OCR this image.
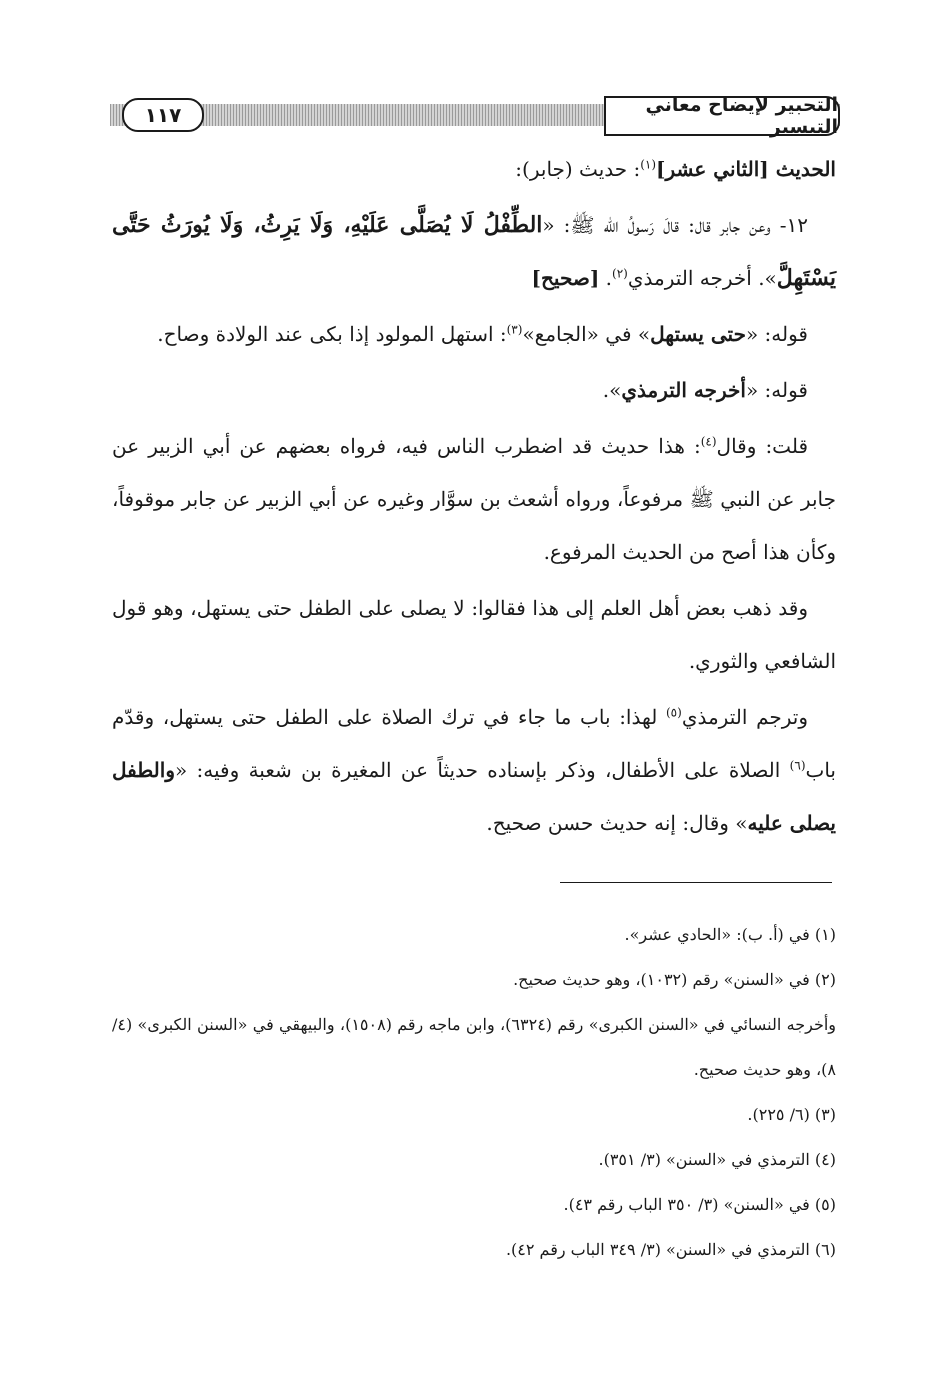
التحبير لإيضاح معاني التيسير
١١٧

الحديث [الثاني عشر]$^{(١)}$: حديث (جابر):

١٢- وعن جابر قال: قالَ رَسولُ الله ﷺ: «الطِّفْلُ لَا يُصَلَّى عَلَيْهِ، وَلَا يَرِثُ، وَلَا يُورَثُ حَتَّى يَسْتَهِلَّ». أخرجه الترمذي$^{(٢)}$. [صحيح]

قوله: «حتى يستهل» في «الجامع»$^{(٣)}$: استهل المولود إذا بكى عند الولادة وصاح.

قوله: «أخرجه الترمذي».

قلت: وقال$^{(٤)}$: هذا حديث قد اضطرب الناس فيه، فرواه بعضهم عن أبي الزبير عن جابر عن النبي ﷺ مرفوعاً، ورواه أشعث بن سوَّار وغيره عن أبي الزبير عن جابر موقوفاً، وكأن هذا أصح من الحديث المرفوع.

وقد ذهب بعض أهل العلم إلى هذا فقالوا: لا يصلى على الطفل حتى يستهل، وهو قول الشافعي والثوري.

وترجم الترمذي$^{(٥)}$ لهذا: باب ما جاء في ترك الصلاة على الطفل حتى يستهل، وقدّم باب$^{(٦)}$ الصلاة على الأطفال، وذكر بإسناده حديثاً عن المغيرة بن شعبة وفيه: «والطفل يصلى عليه» وقال: إنه حديث حسن صحيح.

(١) في (أ. ب): «الحادي عشر».

(٢) في «السنن» رقم (١٠٣٢)، وهو حديث صحيح.

وأخرجه النسائي في «السنن الكبرى» رقم (٦٣٢٤)، وابن ماجه رقم (١٥٠٨)، والبيهقي في «السنن الكبرى» (٤/ ٨)، وهو حديث صحيح.

(٣) (٦/ ٢٢٥).

(٤) الترمذي في «السنن» (٣/ ٣٥١).

(٥) في «السنن» (٣/ ٣٥٠ الباب رقم ٤٣).

(٦) الترمذي في «السنن» (٣/ ٣٤٩ الباب رقم ٤٢).
